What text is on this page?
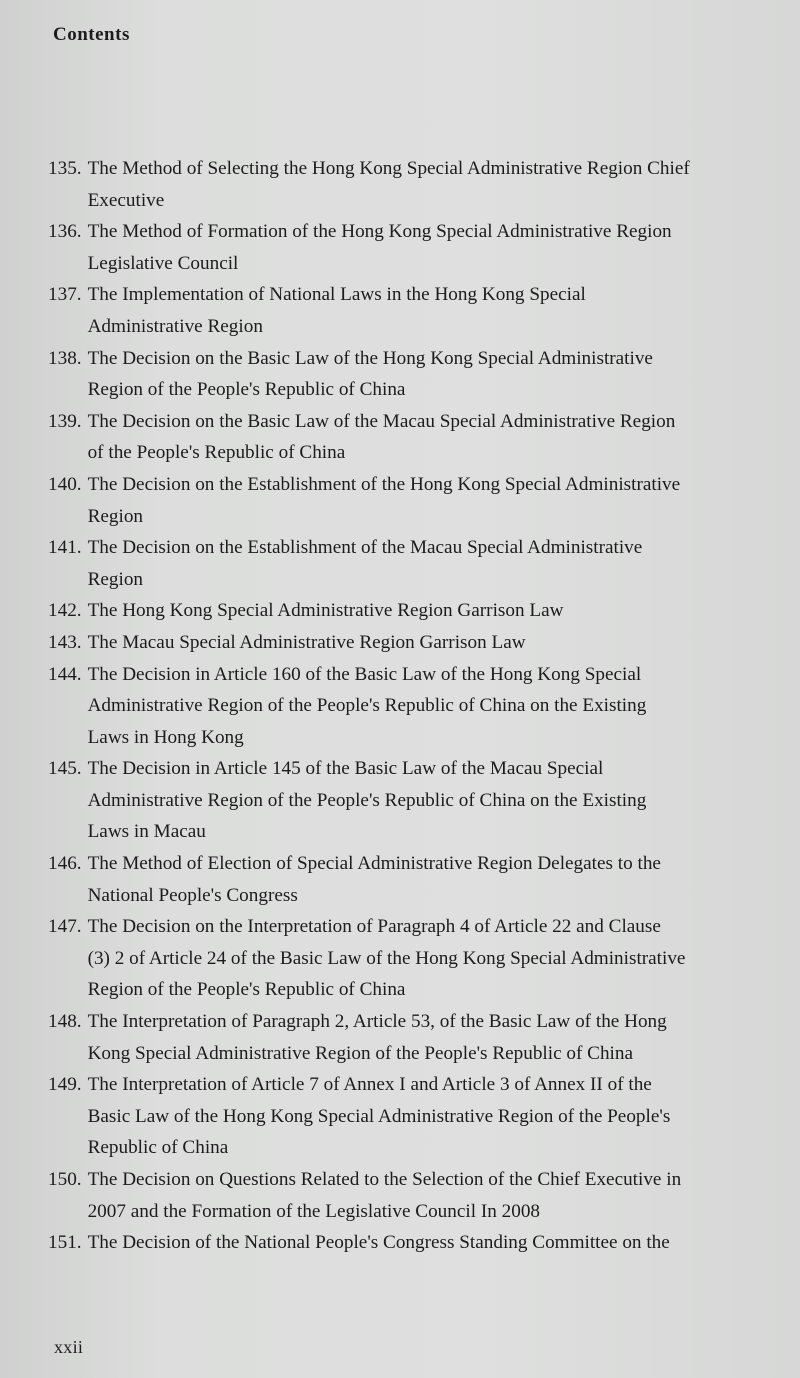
Contents
135. The Method of Selecting the Hong Kong Special Administrative Region Chief
Executive
136. The Method of Formation of the Hong Kong Special Administrative Region
Legislative Council
137. The Implementation of National Laws in the Hong Kong Special
Administrative Region
138. The Decision on the Basic Law of the Hong Kong Special Administrative
Region of the People's Republic of China
139. The Decision on the Basic Law of the Macau Special Administrative Region
of the People's Republic of China
140. The Decision on the Establishment of the Hong Kong Special Administrative
Region
141. The Decision on the Establishment of the Macau Special Administrative
Region
142. The Hong Kong Special Administrative Region Garrison Law
143. The Macau Special Administrative Region Garrison Law
144. The Decision in Article 160 of the Basic Law of the Hong Kong Special
Administrative Region of the People's Republic of China on the Existing
Laws in Hong Kong
145. The Decision in Article 145 of the Basic Law of the Macau Special
Administrative Region of the People's Republic of China on the Existing
Laws in Macau
146. The Method of Election of Special Administrative Region Delegates to the
National People's Congress
147. The Decision on the Interpretation of Paragraph 4 of Article 22 and Clause
(3) 2 of Article 24 of the Basic Law of the Hong Kong Special Administrative
Region of the People's Republic of China
148. The Interpretation of Paragraph 2, Article 53, of the Basic Law of the Hong
Kong Special Administrative Region of the People's Republic of China
149. The Interpretation of Article 7 of Annex I and Article 3 of Annex II of the
Basic Law of the Hong Kong Special Administrative Region of the People's
Republic of China
150. The Decision on Questions Related to the Selection of the Chief Executive in
2007 and the Formation of the Legislative Council In 2008
151. The Decision of the National People's Congress Standing Committee on the
xxii
